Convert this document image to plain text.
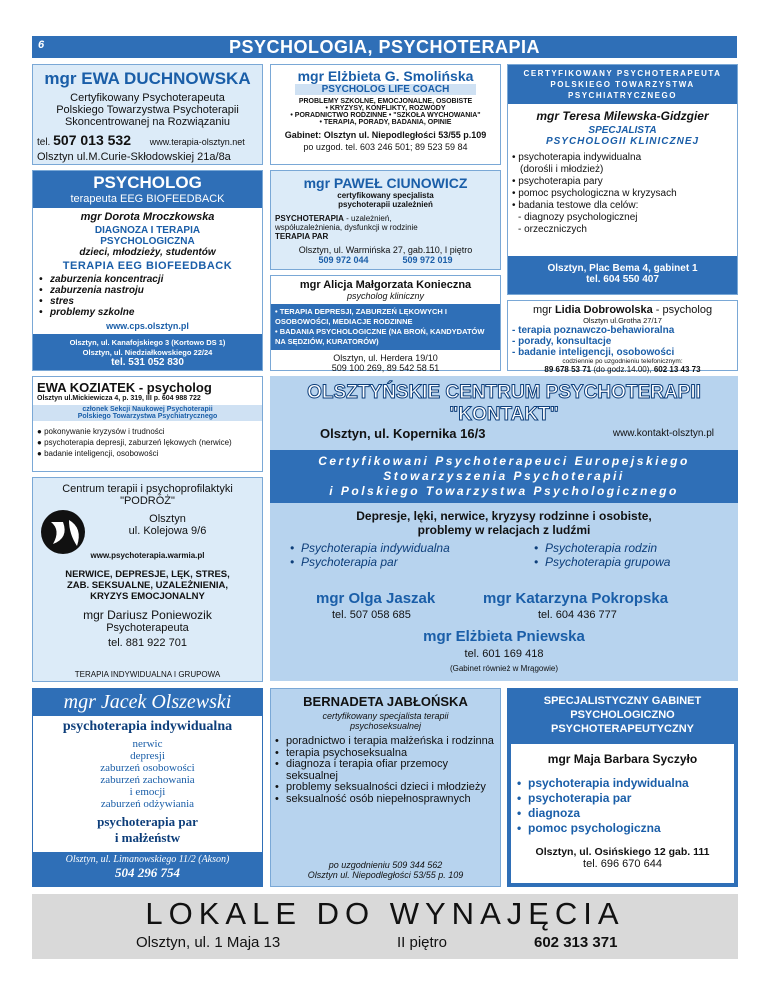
6	PSYCHOLOGIA, PSYCHOTERAPIA
mgr EWA DUCHNOWSKA
Certyfikowany Psychoterapeuta
Polskiego Towarzystwa Psychoterapii
Skoncentrowanej na Rozwiązaniu
tel. 507 013 532 www.terapia-olsztyn.net
Olsztyn ul.M.Curie-Skłodowskiej 21a/8a
mgr Elżbieta G. Smolińska
PSYCHOLOG LIFE COACH
PROBLEMY SZKOLNE, EMOCJONALNE, OSOBISTE
• KRYZYSY, KONFLIKTY, ROZWODY
• PORADNICTWO RODZINNE • "SZKOŁA WYCHOWANIA"
• TERAPIA, PORADY, BADANIA, OPINIE
Gabinet: Olsztyn ul. Niepodległości 53/55 p.109
po uzgod. tel. 603 246 501; 89 523 59 84
CERTYFIKOWANY PSYCHOTERAPEUTA
POLSKIEGO TOWARZYSTWA
PSYCHIATRYCZNEGO
mgr Teresa Milewska-Gidzgier
SPECJALISTA
PSYCHOLOGII KLINICZNEJ
• psychoterapia indywidualna
(dorośli i młodzież)
• psychoterapia pary
• pomoc psychologiczna w kryzysach
• badania testowe dla celów:
- diagnozy psychologicznej
- orzeczniczych
Olsztyn, Plac Bema 4, gabinet 1
tel. 604 550 407
PSYCHOLOG
terapeuta EEG BIOFEEDBACK
mgr Dorota Mroczkowska
DIAGNOZA I TERAPIA
PSYCHOLOGICZNA
dzieci, młodzieży, studentów
TERAPIA EEG BIOFEEDBACK
• zaburzenia koncentracji
• zaburzenia nastroju
• stres
• problemy szkolne
www.cps.olsztyn.pl
Olsztyn, ul. Kanafojskiego 3 (Kortowo DS 1)
Olsztyn, ul. Niedziałkowskiego 22/24
tel. 531 052 830
mgr PAWEŁ CIUNOWICZ
certyfikowany specjalista
psychoterapii uzależnień
PSYCHOTERAPIA - uzależnień,
współuzależnienia, dysfunkcji w rodzinie
TERAPIA PAR
Olsztyn, ul. Warmińska 27, gab.110, I piętro
509 972 044	509 972 019
mgr Alicja Małgorzata Konieczna
psycholog kliniczny
• TERAPIA DEPRESJI, ZABURZEŃ LĘKOWYCH I OSOBOWOŚCI, MEDIACJE RODZINNE
• BADANIA PSYCHOLOGICZNE (NA BROŃ, KANDYDATÓW NA SĘDZIÓW, KURATORÓW)
Olsztyn, ul. Herdera 19/10
509 100 269, 89 542 58 51
mgr Lidia Dobrowolska - psycholog
Olsztyn ul.Grotha 27/17
- terapia poznawczo-behawioralna
- porady, konsultacje
- badanie inteligencji, osobowości
codziennie po uzgodnieniu telefonicznym:
89 678 53 71 (do godz.14.00), 602 13 43 73
EWA KOZIATEK - psycholog
Olsztyn ul.Mickiewicza 4, p. 319, III p. 604 988 722
członek Sekcji Naukowej Psychoterapii
Polskiego Towarzystwa Psychiatrycznego
● pokonywanie kryzysów i trudności
● psychoterapia depresji, zaburzeń lękowych (nerwice)
● badanie inteligencji, osobowości
OLSZTYŃSKIE CENTRUM PSYCHOTERAPII
"KONTAKT"
Olsztyn, ul. Kopernika 16/3	www.kontakt-olsztyn.pl
Certyfikowani Psychoterapeuci Europejskiego
Stowarzyszenia Psychoterapii
i Polskiego Towarzystwa Psychologicznego
Depresje, lęki, nerwice, kryzysy rodzinne i osobiste,
problemy w relacjach z ludźmi
• Psychoterapia indywidualna
• Psychoterapia par
• Psychoterapia rodzin
• Psychoterapia grupowa
mgr Olga Jaszak
tel. 507 058 685
mgr Katarzyna Pokropska
tel. 604 436 777
mgr Elżbieta Pniewska
tel. 601 169 418
(Gabinet również w Mrągowie)
Centrum terapii i psychoprofilaktyki
"PODRÓŻ"
Olsztyn
ul. Kolejowa 9/6
www.psychoterapia.warmia.pl
NERWICE, DEPRESJE, LĘK, STRES,
ZAB. SEKSUALNE, UZALEŻNIENIA,
KRYZYS EMOCJONALNY
mgr Dariusz Poniewozik
Psychoterapeuta
tel. 881 922 701
TERAPIA INDYWIDUALNA I GRUPOWA
mgr Jacek Olszewski
psychoterapia indywidualna
nerwic
depresji
zaburzeń osobowości
zaburzeń zachowania
i emocji
zaburzeń odżywiania
psychoterapia par
i małżeństw
Olsztyn, ul. Limanowskiego 11/2 (Akson)
504 296 754
BERNADETA JABŁOŃSKA
certyfikowany specjalista terapii
psychoseksualnej
• poradnictwo i terapia małżeńska i rodzinna
• terapia psychoseksualna
• diagnoza i terapia ofiar przemocy seksualnej
• problemy seksualności dzieci i młodzieży
• seksualność osób niepełnosprawnych
po uzgodnieniu 509 344 562
Olsztyn ul. Niepodległości 53/55 p. 109
SPECJALISTYCZNY GABINET
PSYCHOLOGICZNO
PSYCHOTERAPEUTYCZNY
mgr Maja Barbara Syczyło
• psychoterapia indywidualna
• psychoterapia par
• diagnoza
• pomoc psychologiczna
Olsztyn, ul. Osińskiego 12 gab. 111
tel. 696 670 644
LOKALE DO WYNAJĘCIA
Olsztyn, ul. 1 Maja 13	II piętro	602 313 371
